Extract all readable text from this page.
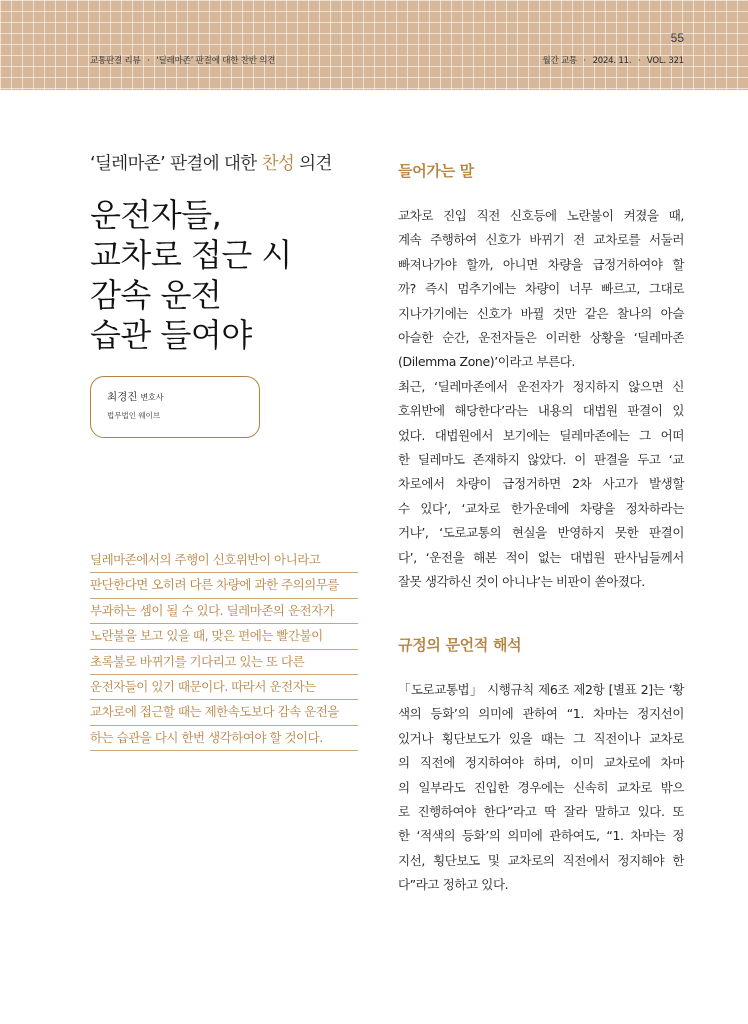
55
교통판결 리뷰 · ‘딜레마존’ 판결에 대한 찬반 의견	월간 교통 · 2024. 11. · VOL. 321

‘딜레마존’ 판결에 대한 찬성 의견

운전자들,
교차로 접근 시
감속 운전
습관 들여야
최경진 변호사
법무법인 웨이브
딜레마존에서의 주행이 신호위반이 아니라고
판단한다면 오히려 다른 차량에 과한 주의의무를
부과하는 셈이 될 수 있다. 딜레마존의 운전자가
노란불을 보고 있을 때, 맞은 편에는 빨간불이
초록불로 바뀌기를 기다리고 있는 또 다른
운전자들이 있기 때문이다. 따라서 운전자는
교차로에 접근할 때는 제한속도보다 감속 운전을
하는 습관을 다시 한번 생각하여야 할 것이다.
들어가는 말
교차로 진입 직전 신호등에 노란불이 켜졌을 때,
계속 주행하여 신호가 바뀌기 전 교차로를 서둘러
빠져나가야 할까, 아니면 차량을 급정거하여야 할
까? 즉시 멈추기에는 차량이 너무 빠르고, 그대로
지나가기에는 신호가 바뀔 것만 같은 찰나의 아슬
아슬한 순간, 운전자들은 이러한 상황을 ‘딜레마존
(Dilemma Zone)’이라고 부른다.
최근, ‘딜레마존에서 운전자가 정지하지 않으면 신
호위반에 해당한다’라는 내용의 대법원 판결이 있
었다. 대법원에서 보기에는 딜레마존에는 그 어떠
한 딜레마도 존재하지 않았다. 이 판결을 두고 ‘교
차로에서 차량이 급정거하면 2차 사고가 발생할
수 있다’, ‘교차로 한가운데에 차량을 정차하라는
거냐’, ‘도로교통의 현실을 반영하지 못한 판결이
다’, ‘운전을 해본 적이 없는 대법원 판사님들께서
잘못 생각하신 것이 아니냐’는 비판이 쏟아졌다.
규정의 문언적 해석
「도로교통법」 시행규칙 제6조 제2항 [별표 2]는 ‘황
색의 등화’의 의미에 관하여 “1. 차마는 정지선이
있거나 횡단보도가 있을 때는 그 직전이나 교차로
의 직전에 정지하여야 하며, 이미 교차로에 차마
의 일부라도 진입한 경우에는 신속히 교차로 밖으
로 진행하여야 한다”라고 딱 잘라 말하고 있다. 또
한 ‘적색의 등화’의 의미에 관하여도, “1. 차마는 정
지선, 횡단보도 및 교차로의 직전에서 정지해야 한
다”라고 정하고 있다.
